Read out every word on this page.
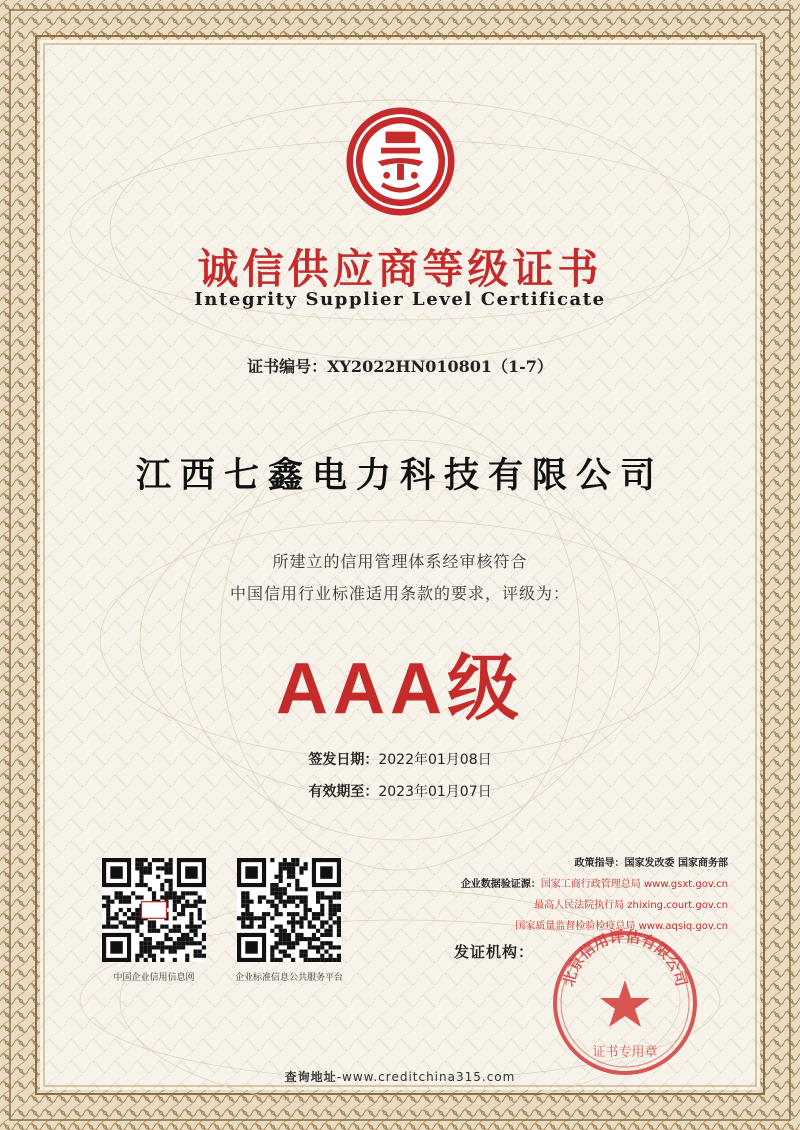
诚信供应商等级证书
Integrity Supplier Level Certificate
证书编号：XY2022HN010801（1-7）
江西七鑫电力科技有限公司
所建立的信用管理体系经审核符合
中国信用行业标准适用条款的要求，评级为：
AAA级
签发日期：2022年01月08日
有效期至：2023年01月07日
中国企业信用信息网	企业标准信息公共服务平台
政策指导：国家发改委 国家商务部
企业数据验证源：国家工商行政管理总局 www.gsxt.gov.cn
最高人民法院执行局 zhixing.court.gov.cn
国家质量监督检验检疫总局 www.aqsiq.gov.cn
发证机构：
北京信用评估有限公司
证书专用章
查询地址-www.creditchina315.com
